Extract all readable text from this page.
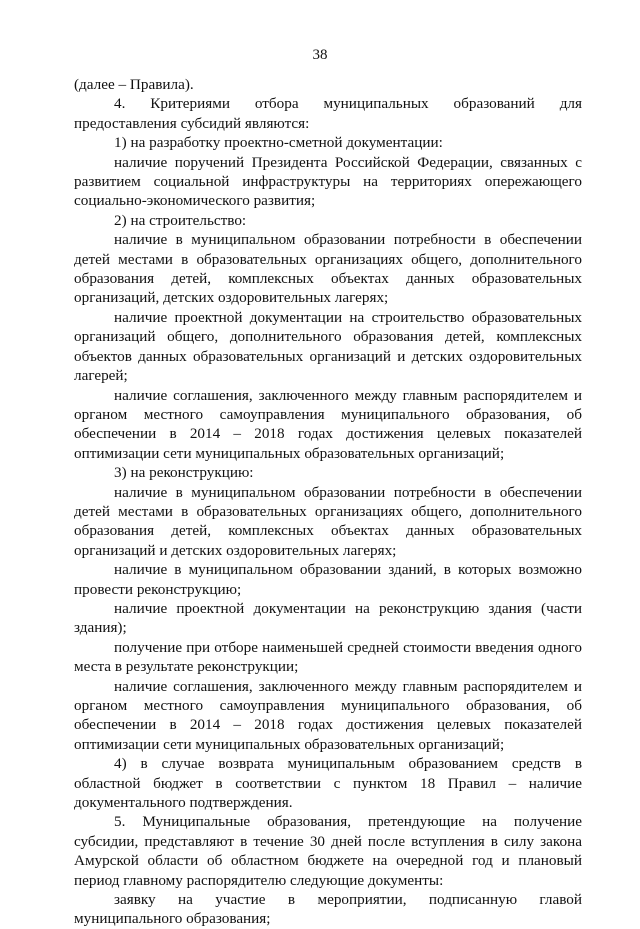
38

(далее – Правила).

4. Критериями отбора муниципальных образований для предоставления субсидий являются:

1) на разработку проектно-сметной документации:

наличие поручений Президента Российской Федерации, связанных с развитием социальной инфраструктуры на территориях опережающего социально-экономического развития;

2) на строительство:

наличие в муниципальном образовании потребности в обеспечении детей местами в образовательных организациях общего, дополнительного образования детей, комплексных объектах данных образовательных организаций, детских оздоровительных лагерях;

наличие проектной документации на строительство образовательных организаций общего, дополнительного образования детей, комплексных объектов данных образовательных организаций и детских оздоровительных лагерей;

наличие соглашения, заключенного между главным распорядителем и органом местного самоуправления муниципального образования, об обеспечении в 2014 – 2018 годах достижения целевых показателей оптимизации сети муниципальных образовательных организаций;

3) на реконструкцию:

наличие в муниципальном образовании потребности в обеспечении детей местами в образовательных организациях общего, дополнительного образования детей, комплексных объектах данных образовательных организаций и детских оздоровительных лагерях;

наличие в муниципальном образовании зданий, в которых возможно провести реконструкцию;

наличие проектной документации на реконструкцию здания (части здания);

получение при отборе наименьшей средней стоимости введения одного места в результате реконструкции;

наличие соглашения, заключенного между главным распорядителем и органом местного самоуправления муниципального образования, об обеспечении в 2014 – 2018 годах достижения целевых показателей оптимизации сети муниципальных образовательных организаций;

4) в случае возврата муниципальным образованием средств в областной бюджет в соответствии с пунктом 18 Правил – наличие документального подтверждения.

5. Муниципальные образования, претендующие на получение субсидии, представляют в течение 30 дней после вступления в силу закона Амурской области об областном бюджете на очередной год и плановый период главному распорядителю следующие документы:

заявку на участие в мероприятии, подписанную главой муниципального образования;
